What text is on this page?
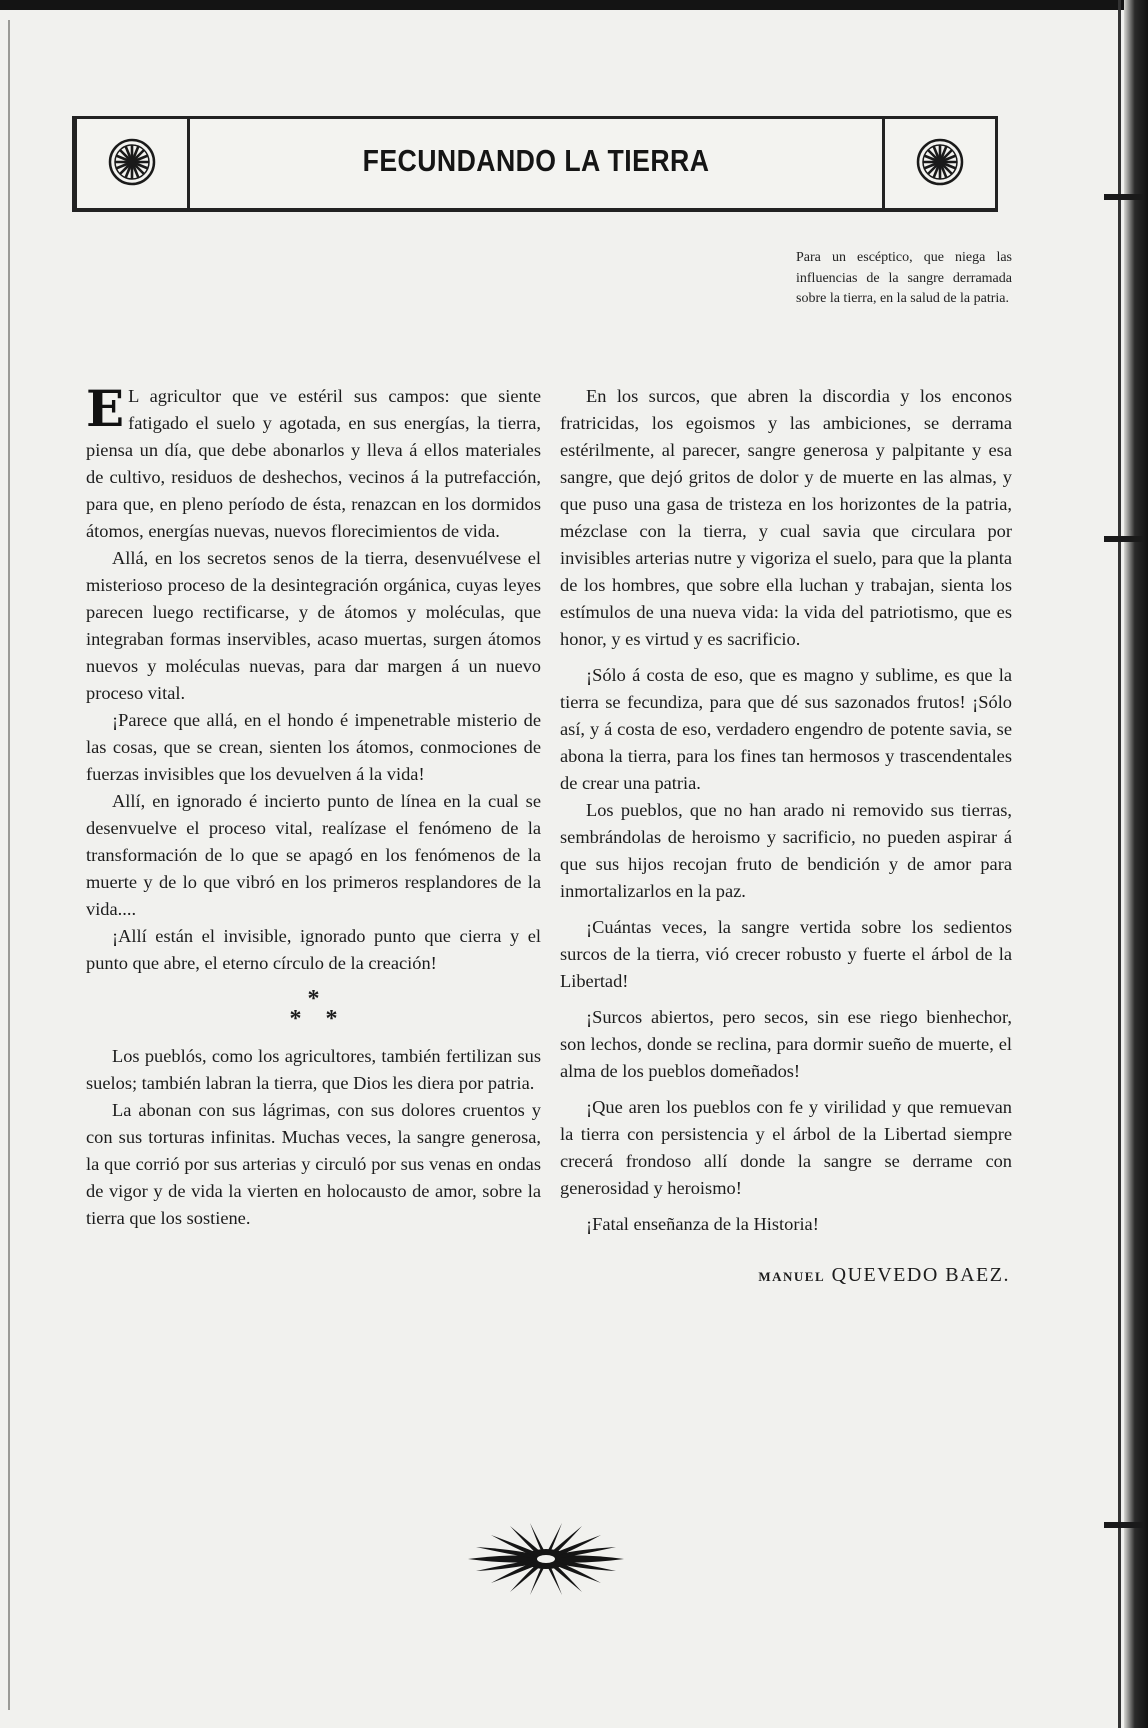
FECUNDANDO LA TIERRA
Para un escéptico, que niega las influencias de la sangre derramada sobre la tierra, en la salud de la patria.

E L agricultor que ve estéril sus campos: que siente fatigado el suelo y agotada, en sus energías, la tierra, piensa un día, que debe abonarlos y lleva á ellos materiales de cultivo, residuos de deshechos, vecinos á la putrefacción, para que, en pleno período de ésta, renazcan en los dormidos átomos, energías nuevas, nuevos florecimientos de vida.

Allá, en los secretos senos de la tierra, desenvuélvese el misterioso proceso de la desintegración orgánica, cuyas leyes parecen luego rectificarse, y de átomos y moléculas, que integraban formas inservibles, acaso muertas, surgen átomos nuevos y moléculas nuevas, para dar margen á un nuevo proceso vital.

¡Parece que allá, en el hondo é impenetrable misterio de las cosas, que se crean, sienten los átomos, conmociones de fuerzas invisibles que los devuelven á la vida!

Allí, en ignorado é incierto punto de línea en la cual se desenvuelve el proceso vital, realízase el fenómeno de la transformación de lo que se apagó en los fenómenos de la muerte y de lo que vibró en los primeros resplandores de la vida....

¡Allí están el invisible, ignorado punto que cierra y el punto que abre, el eterno círculo de la creación!

*
* *

Los pueblós, como los agricultores, también fertilizan sus suelos; también labran la tierra, que Dios les diera por patria.

La abonan con sus lágrimas, con sus dolores cruentos y con sus torturas infinitas. Muchas veces, la sangre generosa, la que corrió por sus arterias y circuló por sus venas en ondas de vigor y de vida la vierten en holocausto de amor, sobre la tierra que los sostiene.

En los surcos, que abren la discordia y los enconos fratricidas, los egoismos y las ambiciones, se derrama estérilmente, al parecer, sangre generosa y palpitante y esa sangre, que dejó gritos de dolor y de muerte en las almas, y que puso una gasa de tristeza en los horizontes de la patria, mézclase con la tierra, y cual savia que circulara por invisibles arterias nutre y vigoriza el suelo, para que la planta de los hombres, que sobre ella luchan y trabajan, sienta los estímulos de una nueva vida: la vida del patriotismo, que es honor, y es virtud y es sacrificio.

¡Sólo á costa de eso, que es magno y sublime, es que la tierra se fecundiza, para que dé sus sazonados frutos! ¡Sólo así, y á costa de eso, verdadero engendro de potente savia, se abona la tierra, para los fines tan hermosos y trascendentales de crear una patria.

Los pueblos, que no han arado ni removido sus tierras, sembrándolas de heroismo y sacrificio, no pueden aspirar á que sus hijos recojan fruto de bendición y de amor para inmortalizarlos en la paz.

¡Cuántas veces, la sangre vertida sobre los sedientos surcos de la tierra, vió crecer robusto y fuerte el árbol de la Libertad!

¡Surcos abiertos, pero secos, sin ese riego bienhechor, son lechos, donde se reclina, para dormir sueño de muerte, el alma de los pueblos domeñados!

¡Que aren los pueblos con fe y virilidad y que remuevan la tierra con persistencia y el árbol de la Libertad siempre crecerá frondoso allí donde la sangre se derrame con generosidad y heroismo!

¡Fatal enseñanza de la Historia!

MANUEL QUEVEDO BAEZ.
